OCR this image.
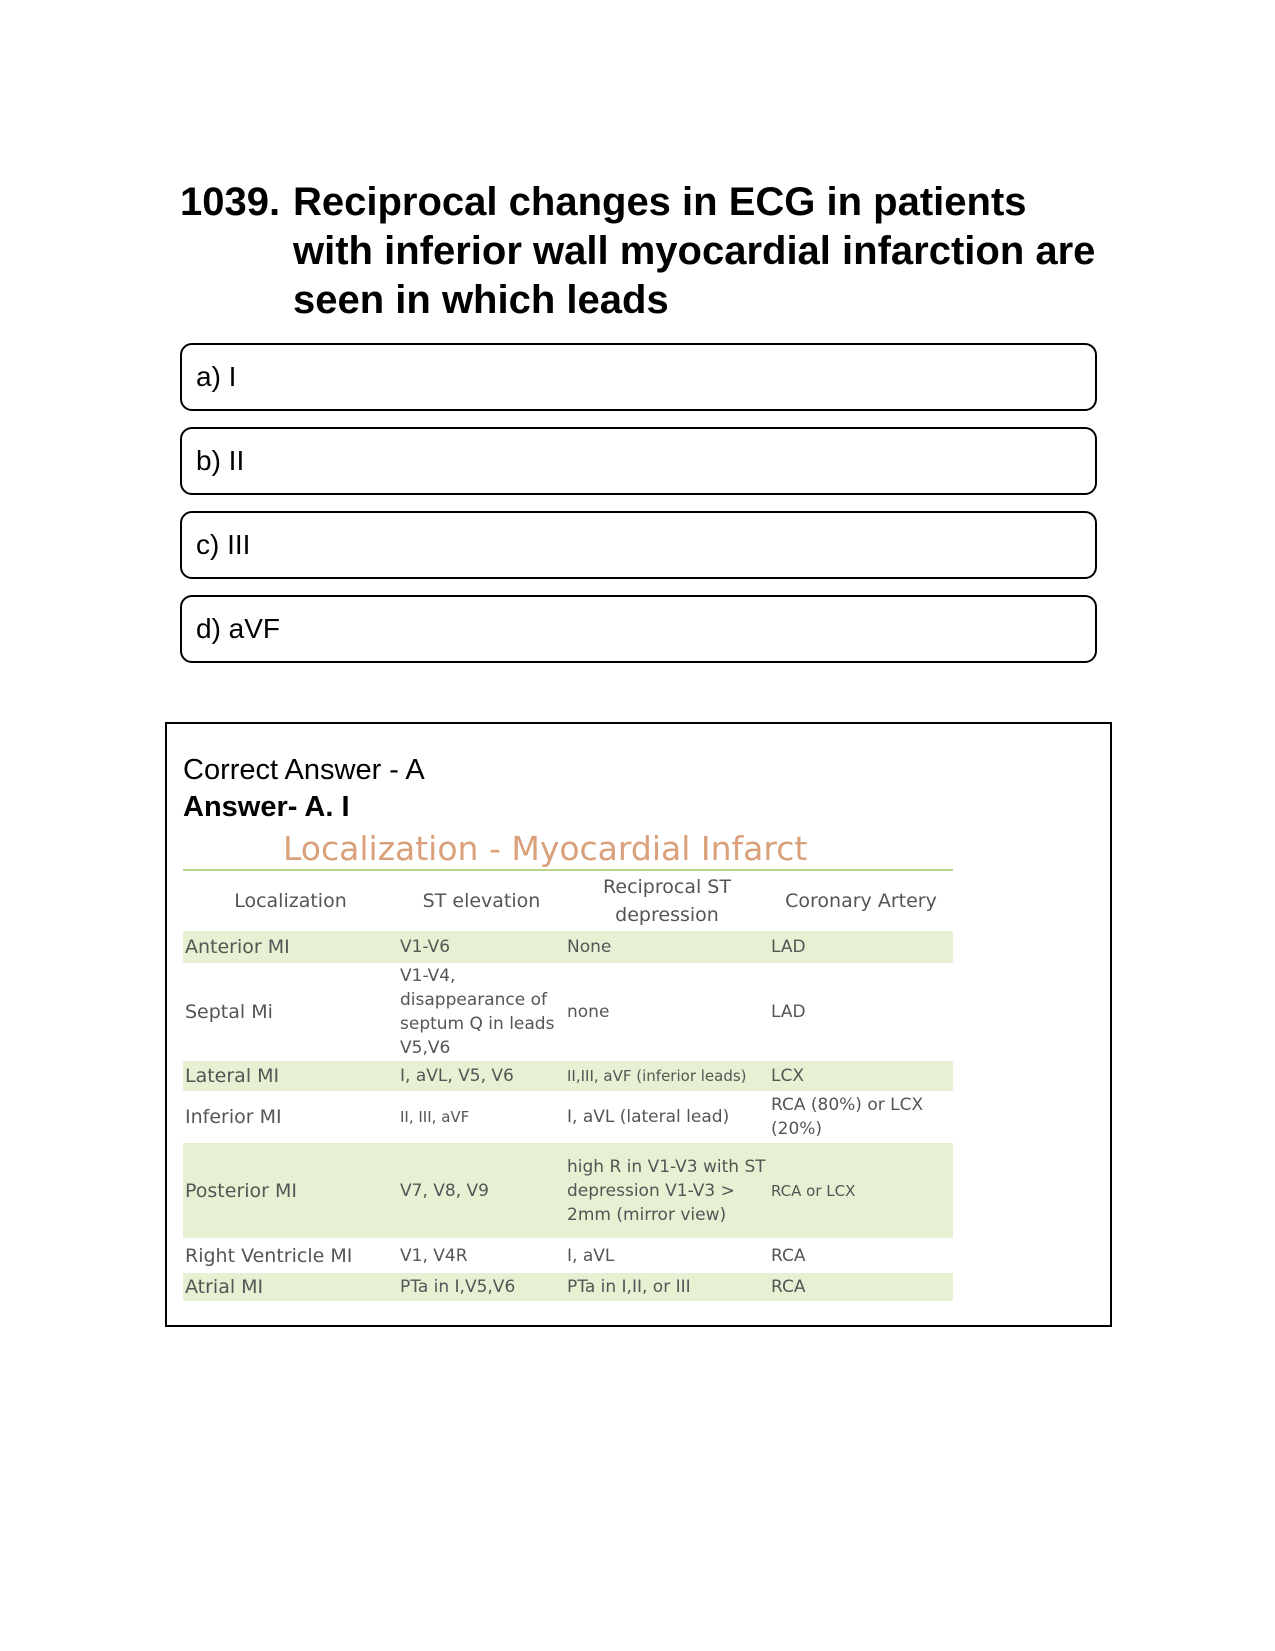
1039. Reciprocal changes in ECG in patients with inferior wall myocardial infarction are seen in which leads
a) I
b) II
c) III
d) aVF
Correct Answer - A
Answer- A. I
Localization - Myocardial Infarct
Localization	ST elevation	Reciprocal ST depression	Coronary Artery
Anterior MI	V1-V6	None	LAD
Septal Mi	V1-V4, disappearance of septum Q in leads V5,V6	none	LAD
Lateral MI	I, aVL, V5, V6	II,III, aVF (inferior leads)	LCX
Inferior MI	II, III, aVF	I, aVL (lateral lead)	RCA (80%) or LCX (20%)
Posterior MI	V7, V8, V9	high R in V1-V3 with ST depression V1-V3 > 2mm (mirror view)	RCA or LCX
Right Ventricle MI	V1, V4R	I, aVL	RCA
Atrial MI	PTa in I,V5,V6	PTa in I,II, or III	RCA
